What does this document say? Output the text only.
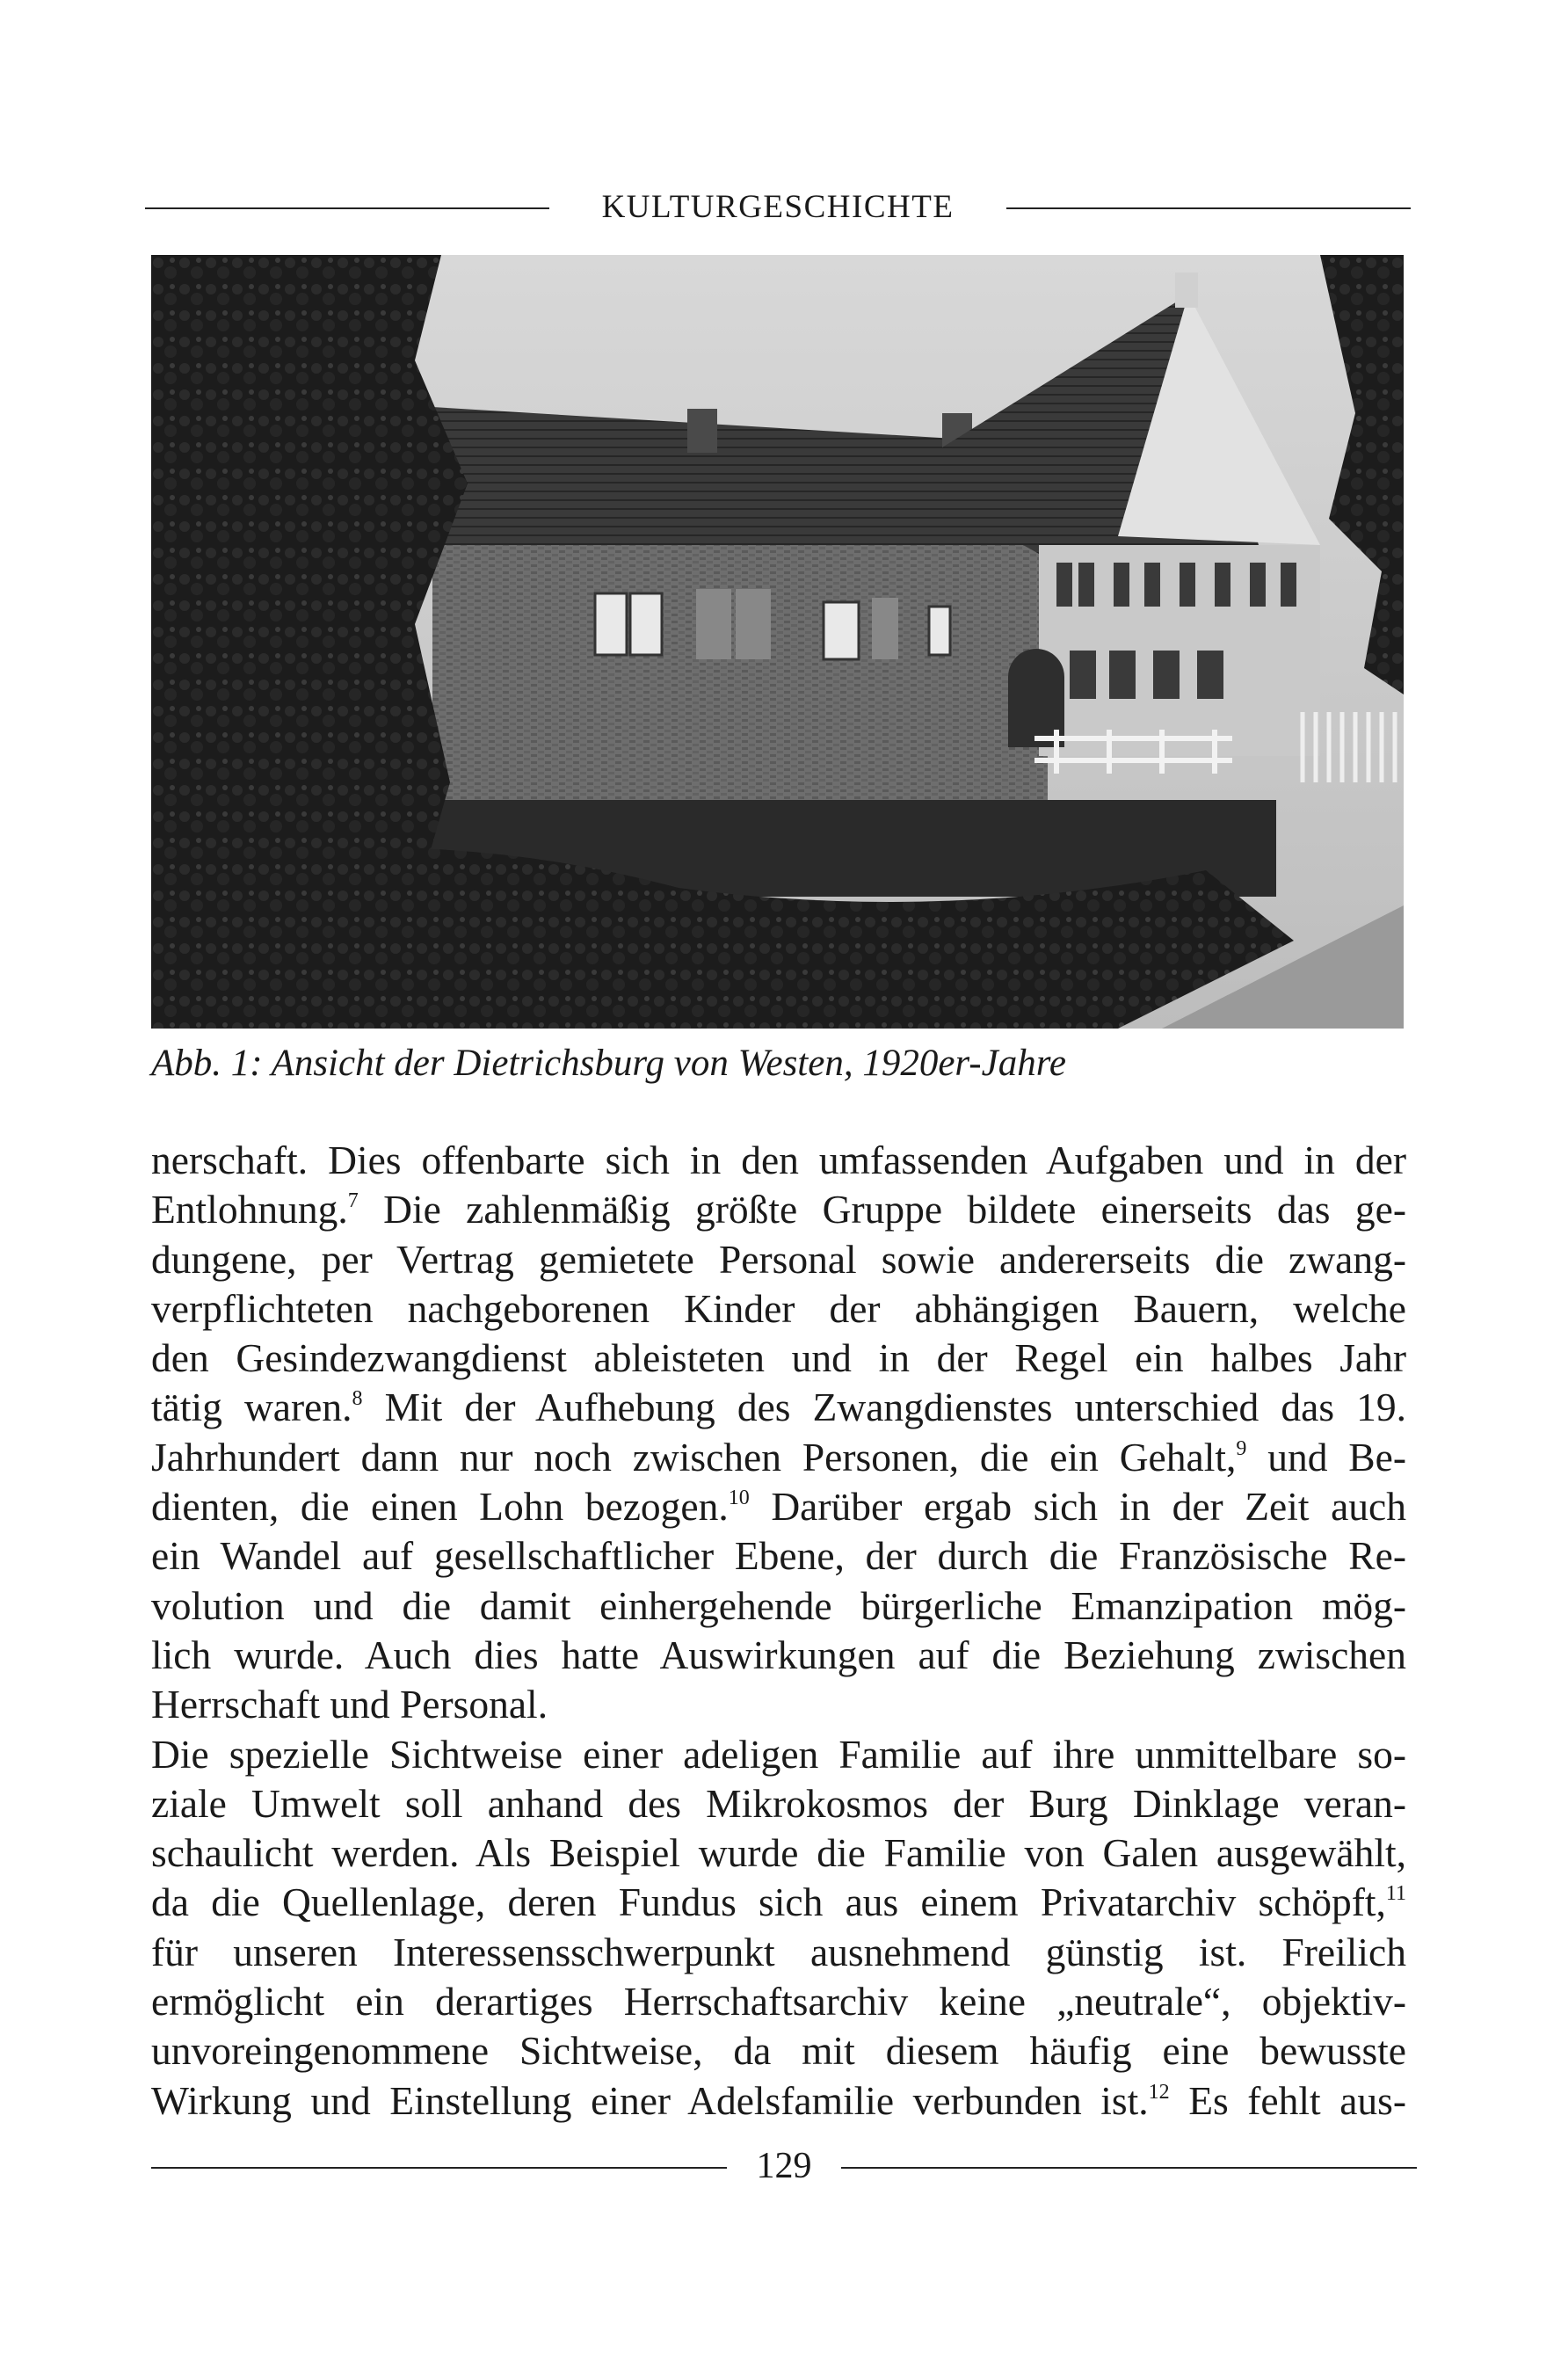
KULTURGESCHICHTE
Abb. 1: Ansicht der Dietrichsburg von Westen, 1920er-Jahre
nerschaft. Dies offenbarte sich in den umfassenden Aufgaben und in der
Entlohnung.$^7$ Die zahlenmäßig größte Gruppe bildete einerseits das ge-
dungene, per Vertrag gemietete Personal sowie andererseits die zwang-
verpflichteten nachgeborenen Kinder der abhängigen Bauern, welche
den Gesindezwangdienst ableisteten und in der Regel ein halbes Jahr
tätig waren.$^8$ Mit der Aufhebung des Zwangdienstes unterschied das 19.
Jahrhundert dann nur noch zwischen Personen, die ein Gehalt,$^9$ und Be-
dienten, die einen Lohn bezogen.$^{10}$ Darüber ergab sich in der Zeit auch
ein Wandel auf gesellschaftlicher Ebene, der durch die Französische Re-
volution und die damit einhergehende bürgerliche Emanzipation mög-
lich wurde. Auch dies hatte Auswirkungen auf die Beziehung zwischen
Herrschaft und Personal.
Die spezielle Sichtweise einer adeligen Familie auf ihre unmittelbare so-
ziale Umwelt soll anhand des Mikrokosmos der Burg Dinklage veran-
schaulicht werden. Als Beispiel wurde die Familie von Galen ausgewählt,
da die Quellenlage, deren Fundus sich aus einem Privatarchiv schöpft,$^{11}$
für unseren Interessensschwerpunkt ausnehmend günstig ist. Freilich
ermöglicht ein derartiges Herrschaftsarchiv keine „neutrale“, objektiv-
unvoreingenommene Sichtweise, da mit diesem häufig eine bewusste
Wirkung und Einstellung einer Adelsfamilie verbunden ist.$^{12}$ Es fehlt aus-
129
